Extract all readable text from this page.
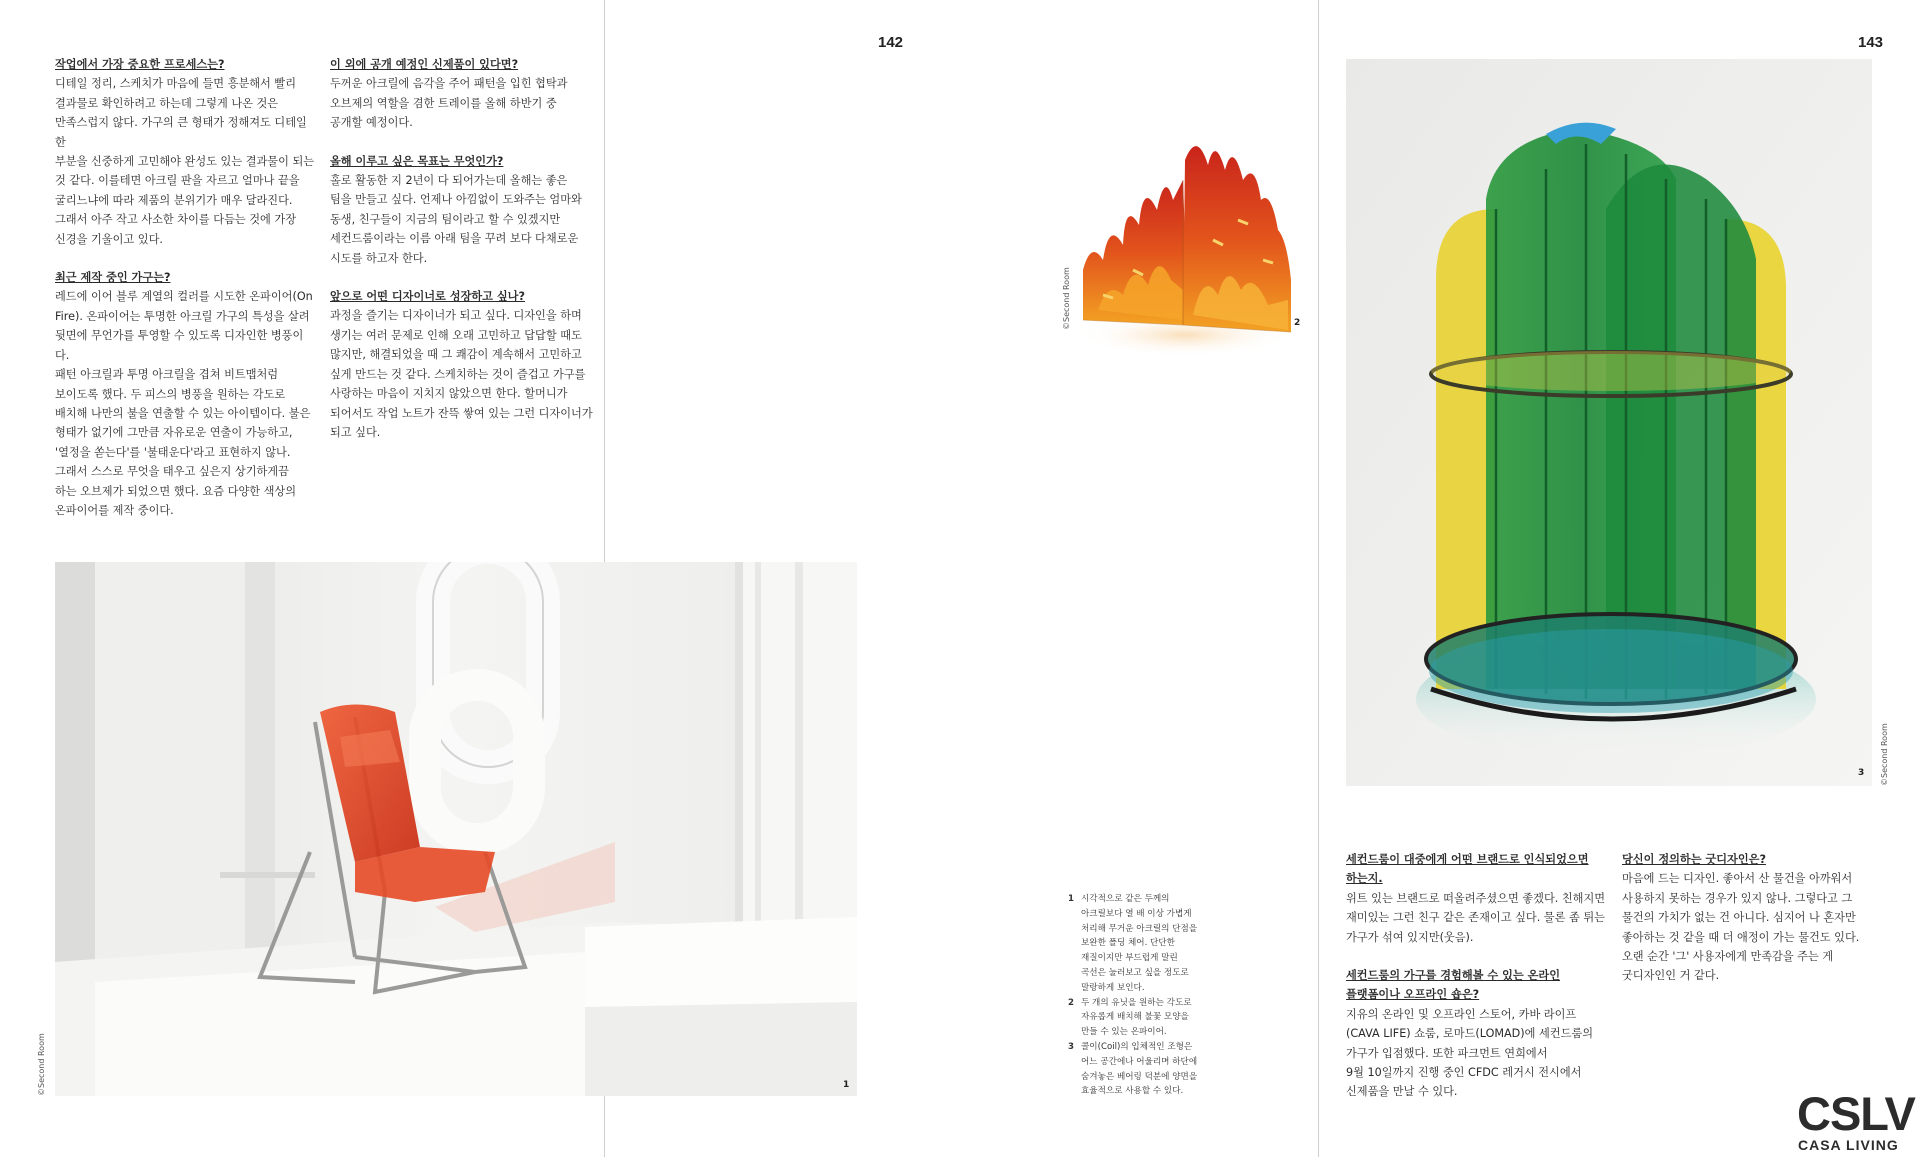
작업에서 가장 중요한 프로세스는?
디테일 정리, 스케치가 마음에 들면 흥분해서 빨리
결과물로 확인하려고 하는데 그렇게 나온 것은
만족스럽지 않다. 가구의 큰 형태가 정해져도 디테일한
부분을 신중하게 고민해야 완성도 있는 결과물이 되는
것 같다. 이를테면 아크릴 판을 자르고 얼마나 끝을
굴리느냐에 따라 제품의 분위기가 매우 달라진다.
그래서 아주 작고 사소한 차이를 다듬는 것에 가장
신경을 기울이고 있다.
최근 제작 중인 가구는?
레드에 이어 블루 계열의 컬러를 시도한 온파이어(On
Fire). 온파이어는 투명한 아크릴 가구의 특성을 살려
뒷면에 무언가를 투영할 수 있도록 디자인한 병풍이다.
패턴 아크릴과 투명 아크릴을 겹쳐 비트맵처럼
보이도록 했다. 두 피스의 병풍을 원하는 각도로
배치해 나만의 불을 연출할 수 있는 아이템이다. 불은
형태가 없기에 그만큼 자유로운 연출이 가능하고,
'열정을 쏟는다'를 '불태운다'라고 표현하지 않나.
그래서 스스로 무엇을 태우고 싶은지 상기하게끔
하는 오브제가 되었으면 했다. 요즘 다양한 색상의
온파이어를 제작 중이다.
이 외에 공개 예정인 신제품이 있다면?
두꺼운 아크릴에 음각을 주어 패턴을 입힌 협탁과
오브제의 역할을 겸한 트레이를 올해 하반기 중
공개할 예정이다.
올해 이루고 싶은 목표는 무엇인가?
홀로 활동한 지 2년이 다 되어가는데 올해는 좋은
팀을 만들고 싶다. 언제나 아낌없이 도와주는 엄마와
동생, 친구들이 지금의 팀이라고 할 수 있겠지만
세컨드룸이라는 이름 아래 팀을 꾸려 보다 다채로운
시도를 하고자 한다.
앞으로 어떤 디자이너로 성장하고 싶나?
과정을 즐기는 디자이너가 되고 싶다. 디자인을 하며
생기는 여러 문제로 인해 오래 고민하고 답답할 때도
많지만, 해결되었을 때 그 쾌감이 계속해서 고민하고
싶게 만드는 것 같다. 스케치하는 것이 즐겁고 가구를
사랑하는 마음이 지치지 않았으면 한다. 할머니가
되어서도 작업 노트가 잔뜩 쌓여 있는 그런 디자이너가
되고 싶다.
©Second Room	1
142
©Second Room	2
1 시각적으로 같은 두께의
아크릴보다 열 배 이상 가볍게
처리해 무거운 아크릴의 단점을
보완한 폴딩 체어. 단단한
재질이지만 부드럽게 말린
곡선은 눌러보고 싶을 정도로
말랑하게 보인다.
2 두 개의 유닛을 원하는 각도로
자유롭게 배치해 불꽃 모양을
만들 수 있는 온파이어.
3 콜이(Coil)의 입체적인 조형은
어느 공간에나 어울리며 하단에
숨겨놓은 베어링 덕분에 양면을
효율적으로 사용할 수 있다.
143
©Second Room
3
세컨드룸이 대중에게 어떤 브랜드로 인식되었으면
하는지.
위트 있는 브랜드로 떠올려주셨으면 좋겠다. 친해지면
재미있는 그런 친구 같은 존재이고 싶다. 물론 좀 튀는
가구가 섞여 있지만(웃음).
세컨드룸의 가구를 경험해볼 수 있는 온라인
플랫폼이나 오프라인 숍은?
지유의 온라인 및 오프라인 스토어, 카바 라이프
(CAVA LIFE) 쇼룸, 로마드(LOMAD)에 세컨드룸의
가구가 입점했다. 또한 파크먼트 연희에서
9월 10일까지 진행 중인 CFDC 레거시 전시에서
신제품을 만날 수 있다.
당신이 정의하는 굿디자인은?
마음에 드는 디자인. 좋아서 산 물건을 아까워서
사용하지 못하는 경우가 있지 않나. 그렇다고 그
물건의 가치가 없는 건 아니다. 심지어 나 혼자만
좋아하는 것 같을 때 더 애정이 가는 물건도 있다.
오랜 순간 '그' 사용자에게 만족감을 주는 게
굿디자인인 거 같다.
CSLV
CASA LIVING
